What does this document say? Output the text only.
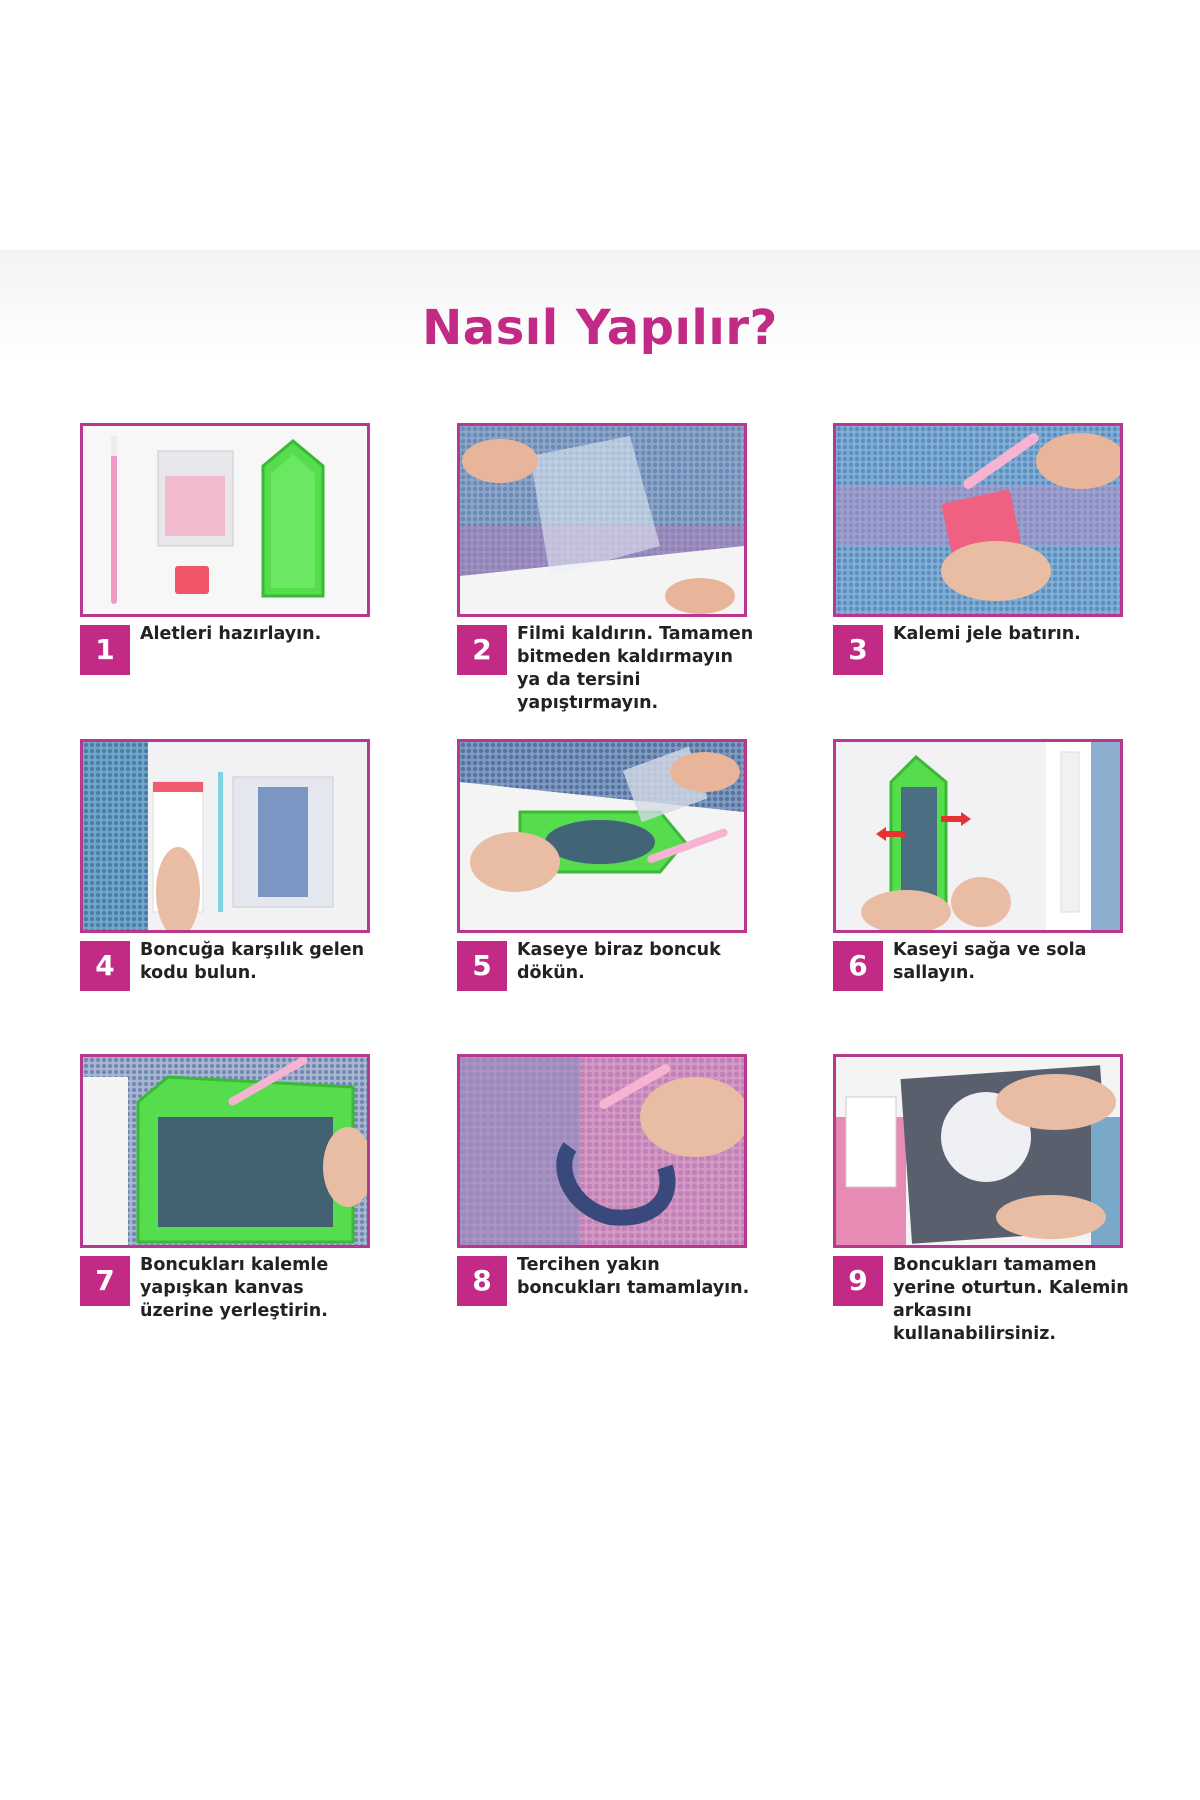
Nasıl Yapılır?
1	Aletleri hazırlayın.	2	Filmi kaldırın. Tamamen bitmeden kaldırmayın ya da tersini yapıştırmayın.
3	Kalemi jele batırın.
4	Boncuğa karşılık gelen kodu bulun.	5	Kaseye biraz boncuk dökün.	6	Kaseyi sağa ve sola sallayın.
7	Boncukları kalemle yapışkan kanvas üzerine yerleştirin.
8	Tercihen yakın boncukları tamamlayın.	9	Boncukları tamamen yerine oturtun. Kalemin arkasını kullanabilirsiniz.
